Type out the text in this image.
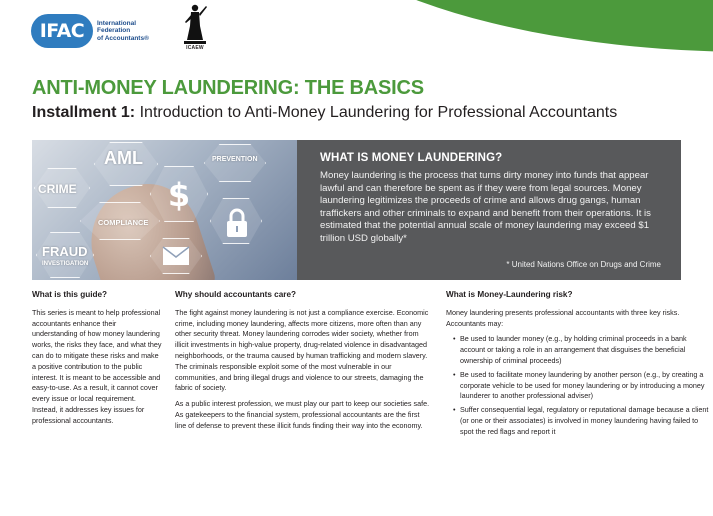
IFAC	International
Federation
of Accountants®
ICAEW
ANTI-MONEY LAUNDERING: THE BASICS
Installment 1: Introduction to Anti-Money Laundering for Professional Accountants
AML	PREVENTION
CRIME
COMPLIANCE
FRAUD
INVESTIGATION
$
WHAT IS MONEY LAUNDERING?

Money laundering is the process that turns dirty money into funds that appear lawful and can therefore be spent as if they were from legal sources. Money laundering legitimizes the proceeds of crime and allows drug gangs, human traffickers and other criminals to expand and benefit from their operations. It is estimated that the potential annual scale of money laundering may exceed $1 trillion USD globally*

* United Nations Office on Drugs and Crime
What is this guide?

This series is meant to help professional accountants enhance their understanding of how money laundering works, the risks they face, and what they can do to mitigate these risks and make a positive contribution to the public interest. It is meant to be accessible and easy-to-use. As a result, it cannot cover every issue or local requirement. Instead, it addresses key issues for professional accountants.

Why should accountants care?

The fight against money laundering is not just a compliance exercise. Economic crime, including money laundering, affects more citizens, more often than any other security threat. Money laundering corrodes wider society, whether from illicit investments in high-value property, drug-related violence in disadvantaged neighborhoods, or the trauma caused by human trafficking and modern slavery. The criminals responsible exploit some of the most vulnerable in our communities, and bring illegal drugs and violence to our streets, damaging the fabric of society.

As a public interest profession, we must play our part to keep our societies safe. As gatekeepers to the financial system, professional accountants are the first line of defense to prevent these illicit funds finding their way into the economy.

What is Money-Laundering risk?

Money laundering presents professional accountants with three key risks. Accountants may:

• Be used to launder money (e.g., by holding criminal proceeds in a bank account or taking a role in an arrangement that disguises the beneficial ownership of criminal proceeds)
• Be used to facilitate money laundering by another person (e.g., by creating a corporate vehicle to be used for money laundering or by introducing a money launderer to another professional adviser)
• Suffer consequential legal, regulatory or reputational damage because a client (or one or their associates) is involved in money laundering having failed to spot the red flags and report it
